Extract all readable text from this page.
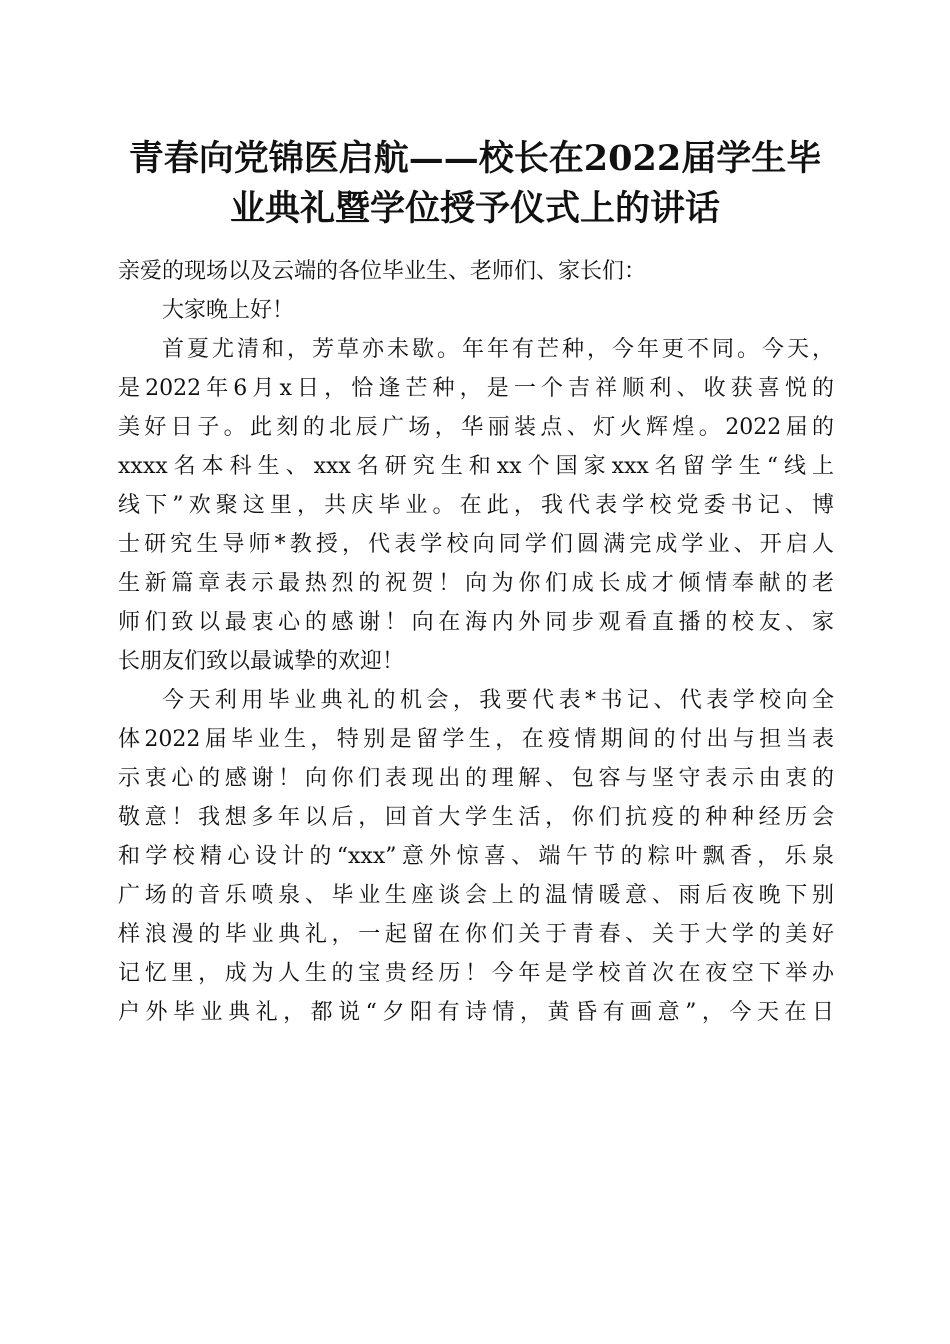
青春向党锦医启航——校长在2022届学生毕
业典礼暨学位授予仪式上的讲话
亲爱的现场以及云端的各位毕业生、老师们、家长们：
大家晚上好！
首夏尤清和，芳草亦未歇。年年有芒种，今年更不同。今天，
是2022年6月x日，恰逢芒种，是一个吉祥顺利、收获喜悦的
美好日子。此刻的北辰广场，华丽装点、灯火辉煌。2022届的
xxxx名本科生、xxx名研究生和xx个国家xxx名留学生“线上
线下”欢聚这里，共庆毕业。在此，我代表学校党委书记、博
士研究生导师*教授，代表学校向同学们圆满完成学业、开启人
生新篇章表示最热烈的祝贺！向为你们成长成才倾情奉献的老
师们致以最衷心的感谢！向在海内外同步观看直播的校友、家
长朋友们致以最诚挚的欢迎！
今天利用毕业典礼的机会，我要代表*书记、代表学校向全
体2022届毕业生，特别是留学生，在疫情期间的付出与担当表
示衷心的感谢！向你们表现出的理解、包容与坚守表示由衷的
敬意！我想多年以后，回首大学生活，你们抗疫的种种经历会
和学校精心设计的“xxx”意外惊喜、端午节的粽叶飘香，乐泉
广场的音乐喷泉、毕业生座谈会上的温情暖意、雨后夜晚下别
样浪漫的毕业典礼，一起留在你们关于青春、关于大学的美好
记忆里，成为人生的宝贵经历！今年是学校首次在夜空下举办
户外毕业典礼，都说“夕阳有诗情，黄昏有画意”，今天在日
